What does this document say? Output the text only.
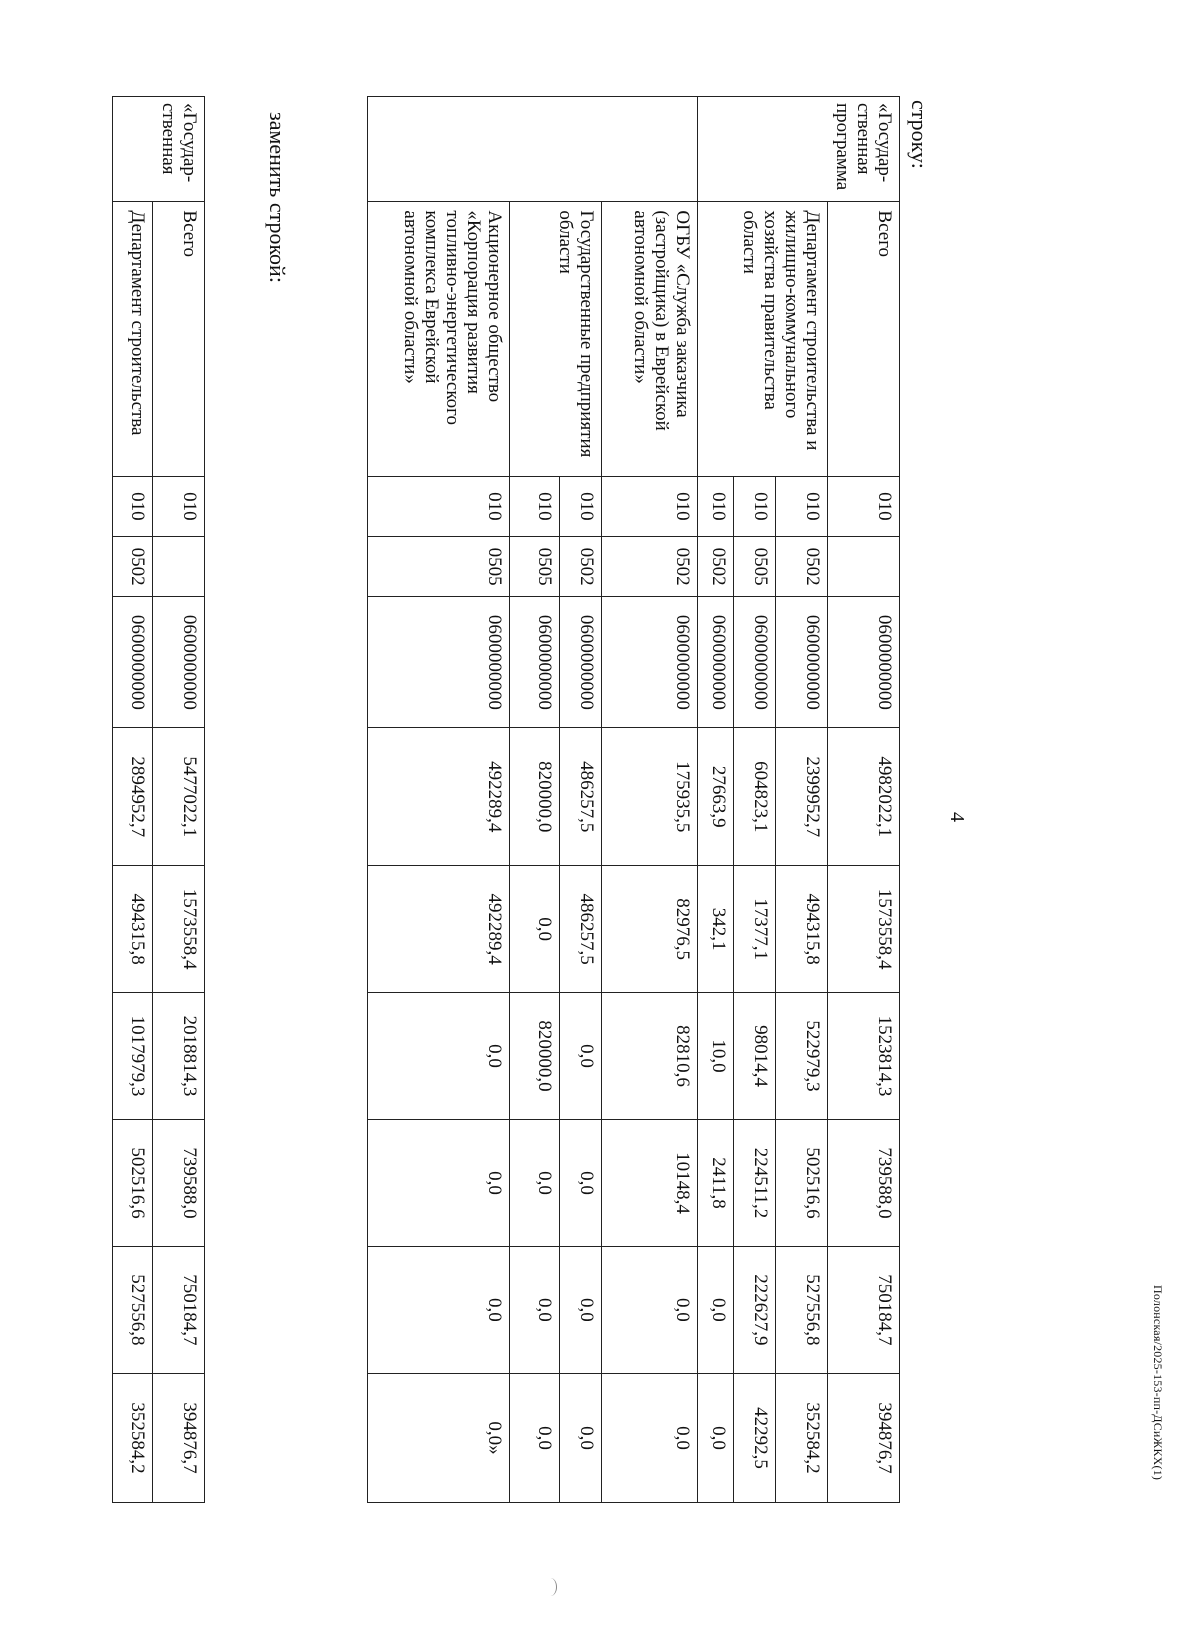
Полонская/2025-153-пп-ДСиЖКХ(1)
4
строку:
«Государ-ственная программа	Всего	010		0600000000	4982022,1	1573558,4	1523814,3	739588,0	750184,7	394876,7
	Департамент строительства и жилищно-коммунального хозяйства правительства области	010	0502	0600000000	2399952,7	494315,8	522979,3	502516,6	527556,8	352584,2
		010	0505	0600000000	604823,1	17377,1	98014,4	224511,2	222627,9	42292,5
		010	0502	0600000000	27663,9	342,1	10,0	2411,8	0,0	0,0
	ОГБУ «Служба заказчика (застройщика) в Еврейской автономной области»	010	0502	0600000000	175935,5	82976,5	82810,6	10148,4	0,0	0,0
	Государственные предприятия области	010	0502	0600000000	486257,5	486257,5	0,0	0,0	0,0	0,0
		010	0505	0600000000	820000,0	0,0	820000,0	0,0	0,0	0,0
	Акционерное общество «Корпорация развития топливно-энергетического комплекса Еврейской автономной области»	010	0505	0600000000	492289,4	492289,4	0,0	0,0	0,0	0,0»
заменить строкой:
«Государ-ственная	Всего	010		0600000000	5477022,1	1573558,4	2018814,3	739588,0	750184,7	394876,7
	Департамент строительства	010	0502	0600000000	2894952,7	494315,8	1017979,3	502516,6	527556,8	352584,2
